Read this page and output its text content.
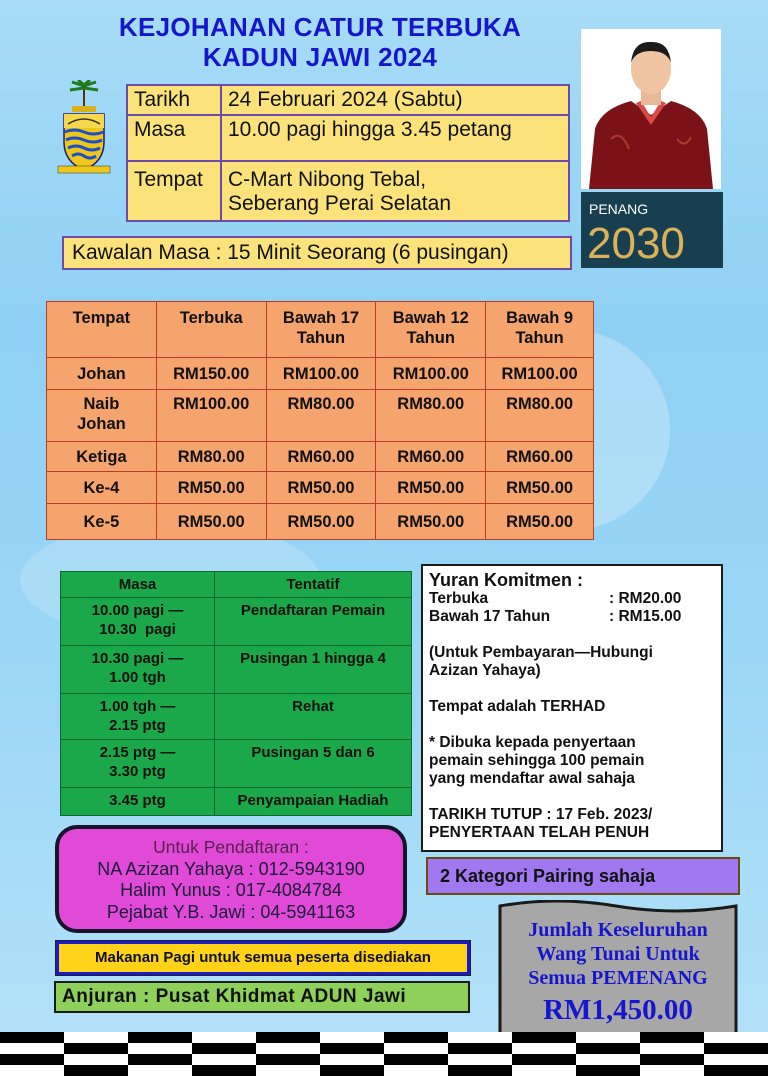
KEJOHANAN CATUR TERBUKA
KADUN JAWI 2024
Tarikh	24 Februari 2024 (Sabtu)
Masa	10.00 pagi hingga 3.45 petang
Tempat	C-Mart Nibong Tebal,
Seberang Perai Selatan
Kawalan Masa : 15 Minit Seorang (6 pusingan)
PENANG
2030
Tempat	Terbuka	Bawah 17 Tahun	Bawah 12 Tahun	Bawah 9 Tahun
Johan	RM150.00	RM100.00	RM100.00	RM100.00
Naib Johan	RM100.00	RM80.00	RM80.00	RM80.00
Ketiga	RM80.00	RM60.00	RM60.00	RM60.00
Ke-4	RM50.00	RM50.00	RM50.00	RM50.00
Ke-5	RM50.00	RM50.00	RM50.00	RM50.00
Masa	Tentatif

10.00 pagi —
10.30  pagi	Pendaftaran Pemain

10.30 pagi —
1.00 tgh	Pusingan 1 hingga 4

1.00 tgh —
2.15 ptg	Rehat

2.15 ptg —
3.30 ptg	Pusingan 5 dan 6
3.45 ptg	Penyampaian Hadiah

Yuran Komitmen :

Terbuka	: RM20.00
Bawah 17 Tahun	: RM15.00

(Untuk Pembayaran—Hubungi
Azizan Yahaya)

Tempat adalah TERHAD

* Dibuka kepada penyertaan
pemain sehingga 100 pemain
yang mendaftar awal sahaja

TARIKH TUTUP : 17 Feb. 2023/
PENYERTAAN TELAH PENUH

Untuk Pendaftaran :
NA Azizan Yahaya : 012-5943190
Halim Yunus : 017-4084784
Pejabat Y.B. Jawi : 04-5941163
2 Kategori Pairing sahaja
Jumlah Keseluruhan
Wang Tunai Untuk
Semua PEMENANG
RM1,450.00
Makanan Pagi untuk semua peserta disediakan
Anjuran : Pusat Khidmat ADUN Jawi
